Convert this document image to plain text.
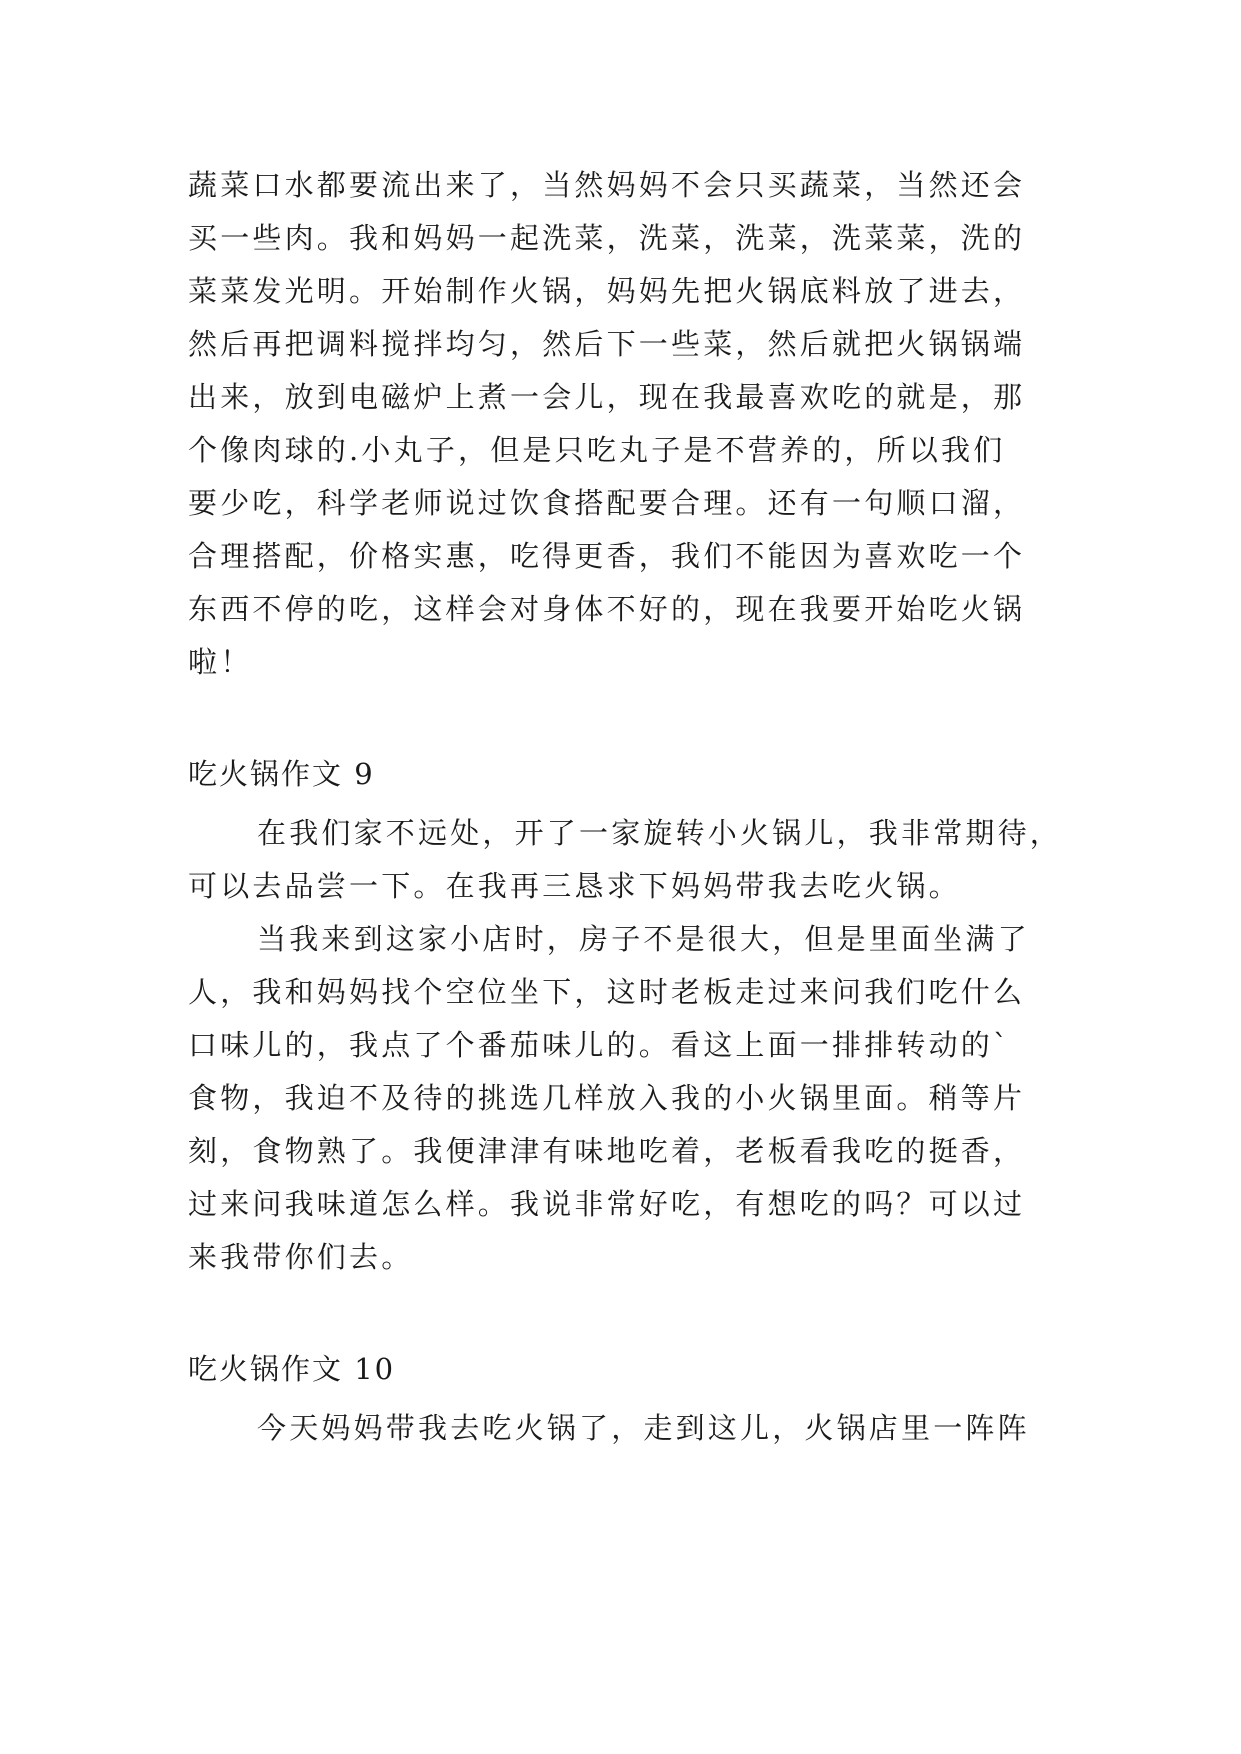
蔬菜口水都要流出来了，当然妈妈不会只买蔬菜，当然还会
买一些肉。我和妈妈一起洗菜，洗菜，洗菜，洗菜菜，洗的
菜菜发光明。开始制作火锅，妈妈先把火锅底料放了进去，
然后再把调料搅拌均匀，然后下一些菜，然后就把火锅锅端
出来，放到电磁炉上煮一会儿，现在我最喜欢吃的就是，那
个像肉球的.小丸子，但是只吃丸子是不营养的，所以我们
要少吃，科学老师说过饮食搭配要合理。还有一句顺口溜，
合理搭配，价格实惠，吃得更香，我们不能因为喜欢吃一个
东西不停的吃，这样会对身体不好的，现在我要开始吃火锅
啦！
吃火锅作文 9
在我们家不远处，开了一家旋转小火锅儿，我非常期待，
可以去品尝一下。在我再三恳求下妈妈带我去吃火锅。
当我来到这家小店时，房子不是很大，但是里面坐满了
人，我和妈妈找个空位坐下，这时老板走过来问我们吃什么
口味儿的，我点了个番茄味儿的。看这上面一排排转动的`
食物，我迫不及待的挑选几样放入我的小火锅里面。稍等片
刻，食物熟了。我便津津有味地吃着，老板看我吃的挺香，
过来问我味道怎么样。我说非常好吃，有想吃的吗？可以过
来我带你们去。
吃火锅作文 10
今天妈妈带我去吃火锅了，走到这儿，火锅店里一阵阵
